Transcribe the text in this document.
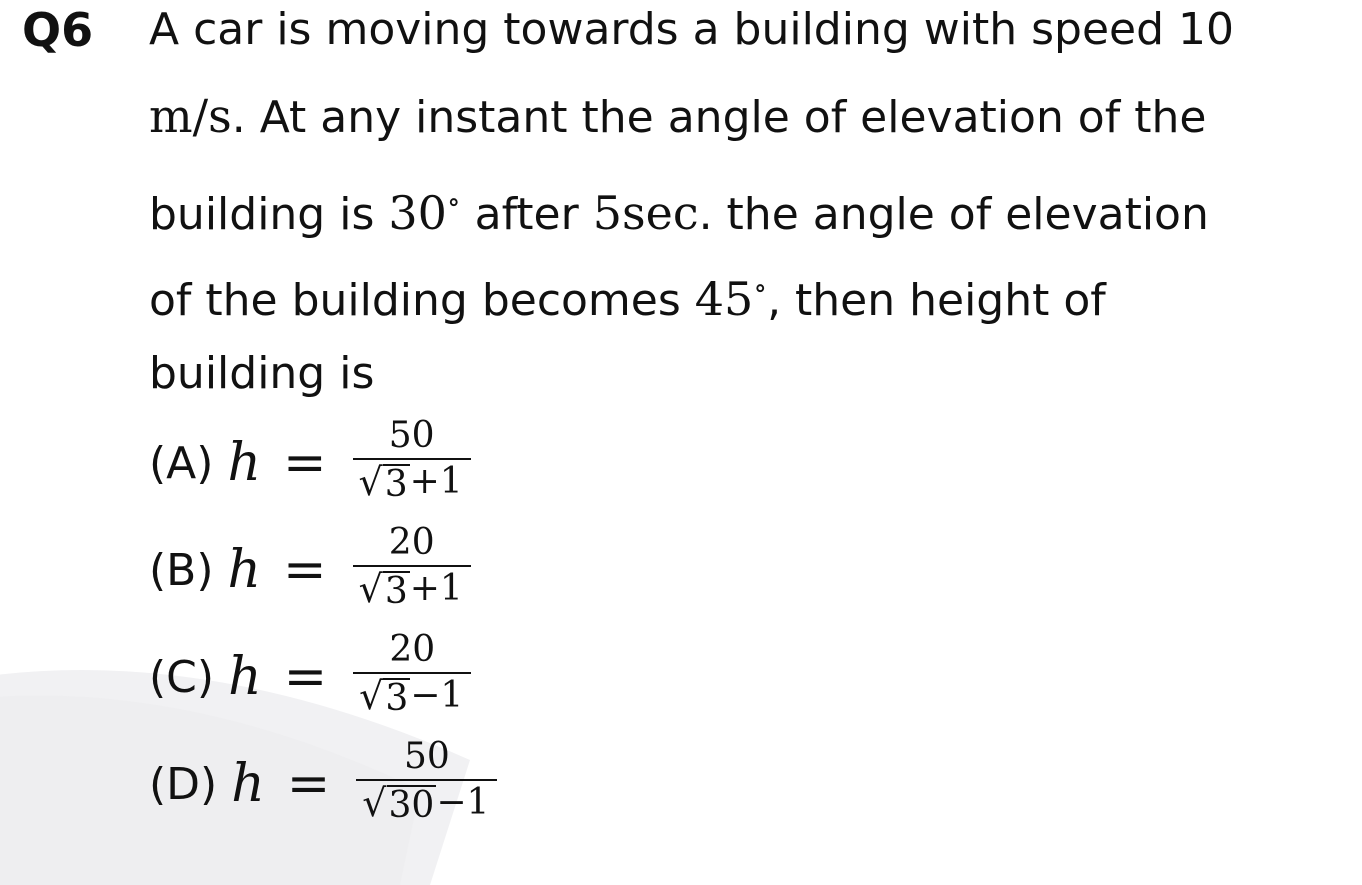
Q6 A car is moving towards a building with speed 10
m/s. At any instant the angle of elevation of the
building is 30∘ after 5sec. the angle of elevation
of the building becomes 45∘, then height of
building is
(A) $h = \frac{50}{√ 3 +1}$
(B) $h = \frac{20}{√ 3 +1}$
(C) $h = \frac{20}{√ 3 -1}$
(D) $h = \frac{50}{√ 30 -1}$
